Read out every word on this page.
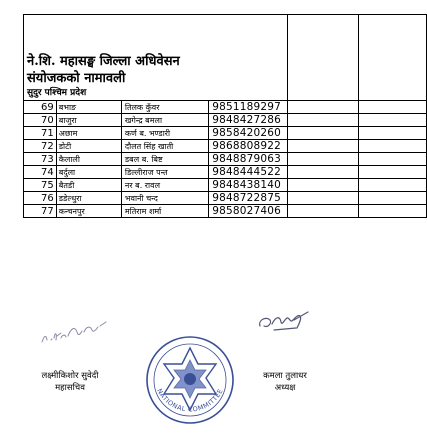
ने.शि. महासङ्घ जिल्ला अधिवेसन
संयोजकको नामावली
सुदुर पश्चिम प्रदेश					

69	बभाङ	तिलक कुँवर	9851189297		
70	बाजुरा	खगेन्द्र बमला	9848427286		
71	अछाम	कर्ण ब. भण्डारी	9858420260		
72	डोटी	दौलत सिंह खाती	9868808922		
73	कैलाली	डबल ब. बिष्ट	9848879063		
74	बर्दुला	डिल्लीराज पन्त	9848444522		
75	बैतडी	नर ब. रावल	9848438140		
76	डडेल्धुरा	भवानी चन्द	9848722875		
77	कन्चनपुर	मतिराम शर्मा	9858027406		
लक्ष्मीकिशोर सुवेदी
महासचिव	NATIONAL COMMITTEE
कमला तुलाधर
अध्यक्ष
